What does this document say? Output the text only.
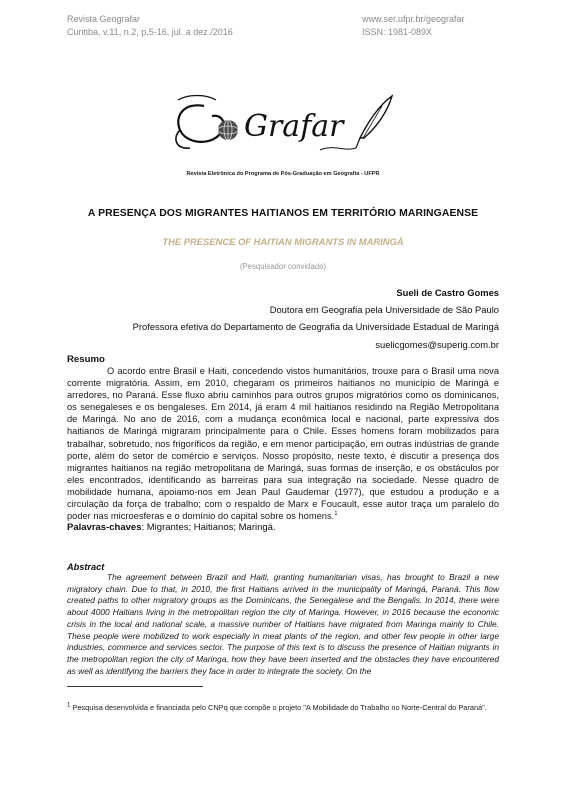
Revista Geografar
Curitiba, v.11, n.2, p.5-16, jul. a dez./2016
www.ser.ufpr.br/geografar
ISSN: 1981-089X
Grafar
Revista Eletrônica do Programa de Pós-Graduação em Geografia - UFPR
A PRESENÇA DOS MIGRANTES HAITIANOS EM TERRITÓRIO MARINGAENSE
THE PRESENCE OF HAITIAN MIGRANTS IN MARINGÁ
(Pesquisador convidado)
Sueli de Castro Gomes
Doutora em Geografia pela Universidade de São Paulo
Professora efetiva do Departamento de Geografia da Universidade Estadual de Maringá
suelicgomes@superig.com.br
Resumo
O acordo entre Brasil e Haiti, concedendo vistos humanitários, trouxe para o Brasil uma nova corrente migratória. Assim, em 2010, chegaram os primeiros haitianos no município de Maringá e arredores, no Paraná. Esse fluxo abriu caminhos para outros grupos migratórios como os dominicanos, os senegaleses e os bengaleses. Em 2014, já eram 4 mil haitianos residindo na Região Metropolitana de Maringá. No ano de 2016, com a mudança econômica local e nacional, parte expressiva dos haitianos de Maringá migraram principalmente para o Chile. Esses homens foram mobilizados para trabalhar, sobretudo, nos frigoríficos da região, e em menor participação, em outras indústrias de grande porte, além do setor de comércio e serviços. Nosso propósito, neste texto, é discutir a presença dos migrantes haitianos na região metropolitana de Maringá, suas formas de inserção, e os obstáculos por eles encontrados, identificando as barreiras para sua integração na sociedade. Nesse quadro de mobilidade humana, apoiamo-nos em Jean Paul Gaudemar (1977), que estudou a produção e a circulação da força de trabalho; com o respaldo de Marx e Foucault, esse autor traça um paralelo do poder nas microesferas e o domínio do capital sobre os homens.$^1$
Palavras-chaves: Migrantes; Haitianos; Maringá.
Abstract
The agreement between Brazil and Haiti, granting humanitarian visas, has brought to Brazil a new migratory chain. Due to that, in 2010, the first Haitians arrived in the municipality of Maringá, Paraná. This flow created paths to other migratory groups as the Dominicans, the Senegalese and the Bengalis. In 2014, there were about 4000 Haitians living in the metropolitan region the city of Maringa. However, in 2016 because the economic crisis in the local and national scale, a massive number of Haitians have migrated from Maringa mainly to Chile. These people were mobilized to work especially in meat plants of the region, and other few people in other large industries, commerce and services sector. The purpose of this text is to discuss the presence of Haitian migrants in the metropolitan region the city of Maringa, how they have been inserted and the obstacles they have encountered as well as identifying the barriers they face in order to integrate the society. On the
$^1$ Pesquisa desenvolvida e financiada pelo CNPq que compõe o projeto "A Mobilidade do Trabalho no Norte-Central do Paraná".
